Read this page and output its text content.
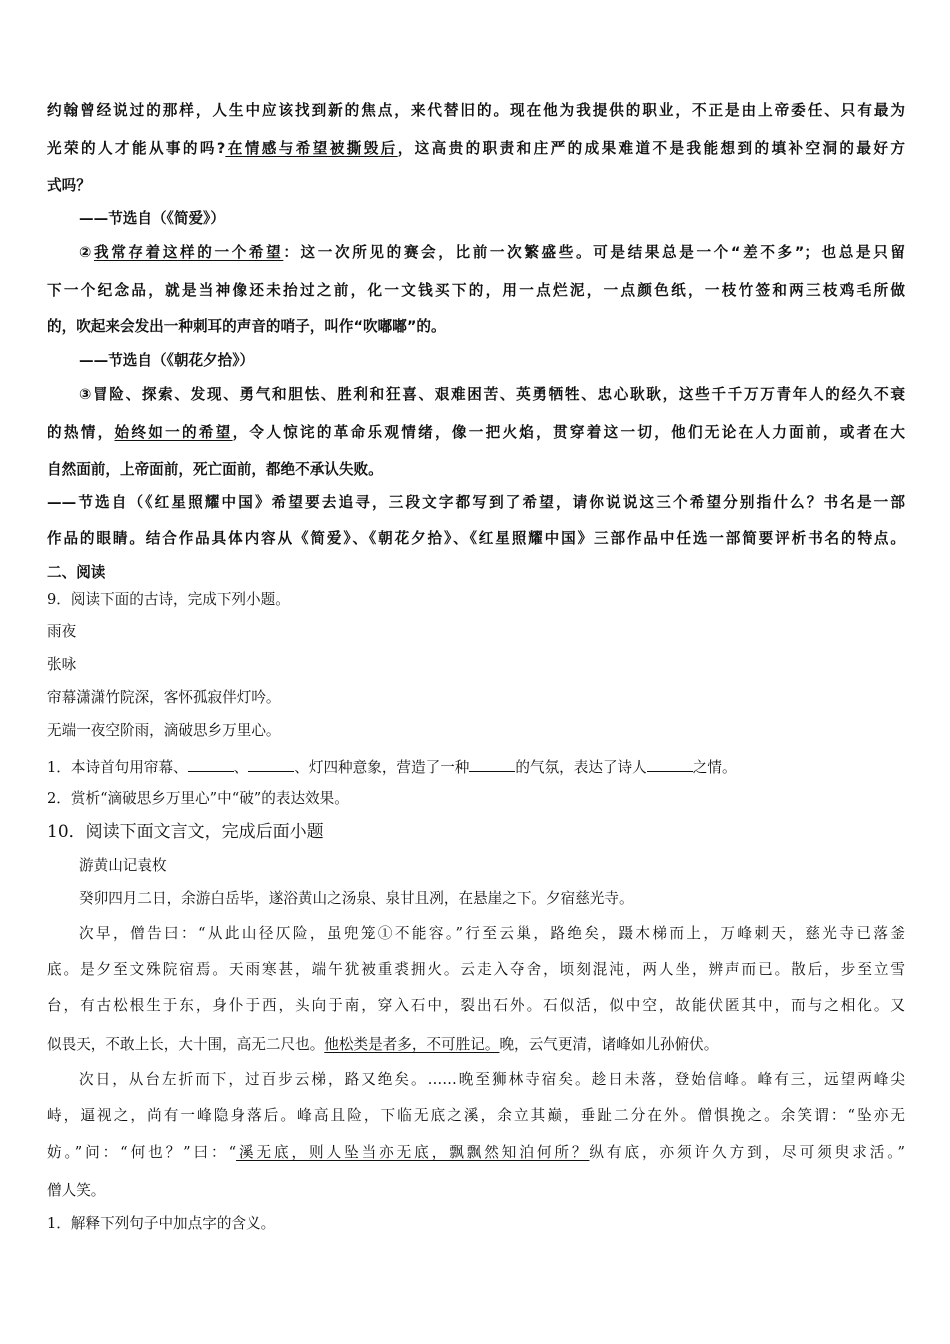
约翰曾经说过的那样，人生中应该找到新的焦点，来代替旧的。现在他为我提供的职业，不正是由上帝委任、只有最为
光荣的人才能从事的吗?在情感与希望被撕毁后，这高贵的职责和庄严的成果难道不是我能想到的填补空洞的最好方
式吗？
——节选自（《简爱》）
②我常存着这样的一个希望：这一次所见的赛会，比前一次繁盛些。可是结果总是一个“差不多”；也总是只留
下一个纪念品，就是当神像还未抬过之前，化一文钱买下的，用一点烂泥，一点颜色纸，一枝竹签和两三枝鸡毛所做
的，吹起来会发出一种刺耳的声音的哨子，叫作“吹嘟嘟”的。
——节选自（《朝花夕拾》）
③冒险、探索、发现、勇气和胆怯、胜利和狂喜、艰难困苦、英勇牺牲、忠心耿耿，这些千千万万青年人的经久不衰
的热情，始终如一的希望，令人惊诧的革命乐观情绪，像一把火焰，贯穿着这一切，他们无论在人力面前，或者在大
自然面前，上帝面前，死亡面前，都绝不承认失败。
——节选自（《红星照耀中国》希望要去追寻，三段文字都写到了希望，请你说说这三个希望分别指什么？书名是一部
作品的眼睛。结合作品具体内容从《简爱》、《朝花夕拾》、《红星照耀中国》三部作品中任选一部简要评析书名的特点。
二、阅读
9．阅读下面的古诗，完成下列小题。
雨夜
张咏
帘幕潇潇竹院深，客怀孤寂伴灯吟。
无端一夜空阶雨，滴破思乡万里心。
1．本诗首句用帘幕、	、	、灯四种意象，营造了一种	的气氛，表达了诗人	之情。
2．赏析“滴破思乡万里心”中“破”的表达效果。
10．阅读下面文言文，完成后面小题
游黄山记袁枚
癸卯四月二日，余游白岳毕，遂浴黄山之汤泉、泉甘且冽，在悬崖之下。夕宿慈光寺。
次早，僧告曰：“从此山径仄险，虽兜笼①不能容。”行至云巢，路绝矣，蹑木梯而上，万峰刺天，慈光寺已落釜
底。是夕至文殊院宿焉。天雨寒甚，端午犹被重裘拥火。云走入夺舍，顷刻混沌，两人坐，辨声而已。散后，步至立雪
台，有古松根生于东，身仆于西，头向于南，穿入石中，裂出石外。石似活，似中空，故能伏匿其中，而与之相化。又
似畏天，不敢上长，大十围，高无二尺也。他松类是者多，不可胜记。晚，云气更清，诸峰如儿孙俯伏。
次日，从台左折而下，过百步云梯，路又绝矣。……晚至狮林寺宿矣。趁日未落，登始信峰。峰有三，远望两峰尖
峙，逼视之，尚有一峰隐身落后。峰高且险，下临无底之溪，余立其巅，垂趾二分在外。僧惧挽之。余笑谓：“坠亦无
妨。”问：“何也？”曰：“溪无底，则人坠当亦无底，飘飘然知泊何所？纵有底，亦须许久方到，尽可须臾求活。”
僧人笑。
1．解释下列句子中加点字的含义。
